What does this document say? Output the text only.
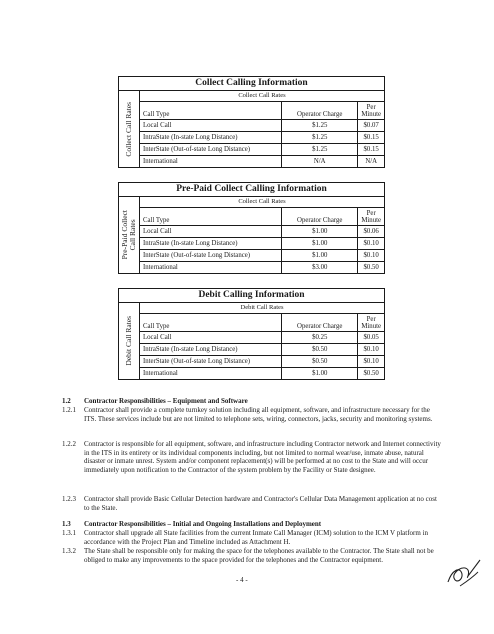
Collect Calling Information
Collect Call Rates
Collect Call Rates
Call Type	Operator Charge	Per
Minute
Local Call	$1.25	$0.07
IntraState (In-state Long Distance)	$1.25	$0.15
InterState (Out-of-state Long Distance)	$1.25	$0.15
International	N/A	N/A
Pre-Paid Collect Calling Information
Pre-Paid Collect
Call Rates
Collect Call Rates
Call Type	Operator Charge	Per
Minute
Local Call	$1.00	$0.06
IntraState (In-state Long Distance)	$1.00	$0.10
InterState (Out-of-state Long Distance)	$1.00	$0.10
International	$3.00	$0.50
Debit Calling Information
Debit Call Rates
Debit Call Rates
Call Type	Operator Charge	Per
Minute
Local Call	$0.25	$0.05
IntraState (In-state Long Distance)	$0.50	$0.10
InterState (Out-of-state Long Distance)	$0.50	$0.10
International	$1.00	$0.50
1.2 Contractor Responsibilities – Equipment and Software
1.2.1 Contractor shall provide a complete turnkey solution including all equipment, software, and infrastructure necessary for the ITS. These services include but are not limited to telephone sets, wiring, connectors, jacks, security and monitoring systems.
1.2.2 Contractor is responsible for all equipment, software, and infrastructure including Contractor network and Internet connectivity in the ITS in its entirety or its individual components including, but not limited to normal wear/use, inmate abuse, natural disaster or inmate unrest. System and/or component replacement(s) will be performed at no cost to the State and will occur immediately upon notification to the Contractor of the system problem by the Facility or State designee.
1.2.3 Contractor shall provide Basic Cellular Detection hardware and Contractor's Cellular Data Management application at no cost to the State.
1.3 Contractor Responsibilities – Initial and Ongoing Installations and Deployment
1.3.1 Contractor shall upgrade all State facilities from the current Inmate Call Manager (ICM) solution to the ICM V platform in accordance with the Project Plan and Timeline included as Attachment H.
1.3.2 The State shall be responsible only for making the space for the telephones available to the Contractor. The State shall not be obliged to make any improvements to the space provided for the telephones and the Contractor equipment.
- 4 -
